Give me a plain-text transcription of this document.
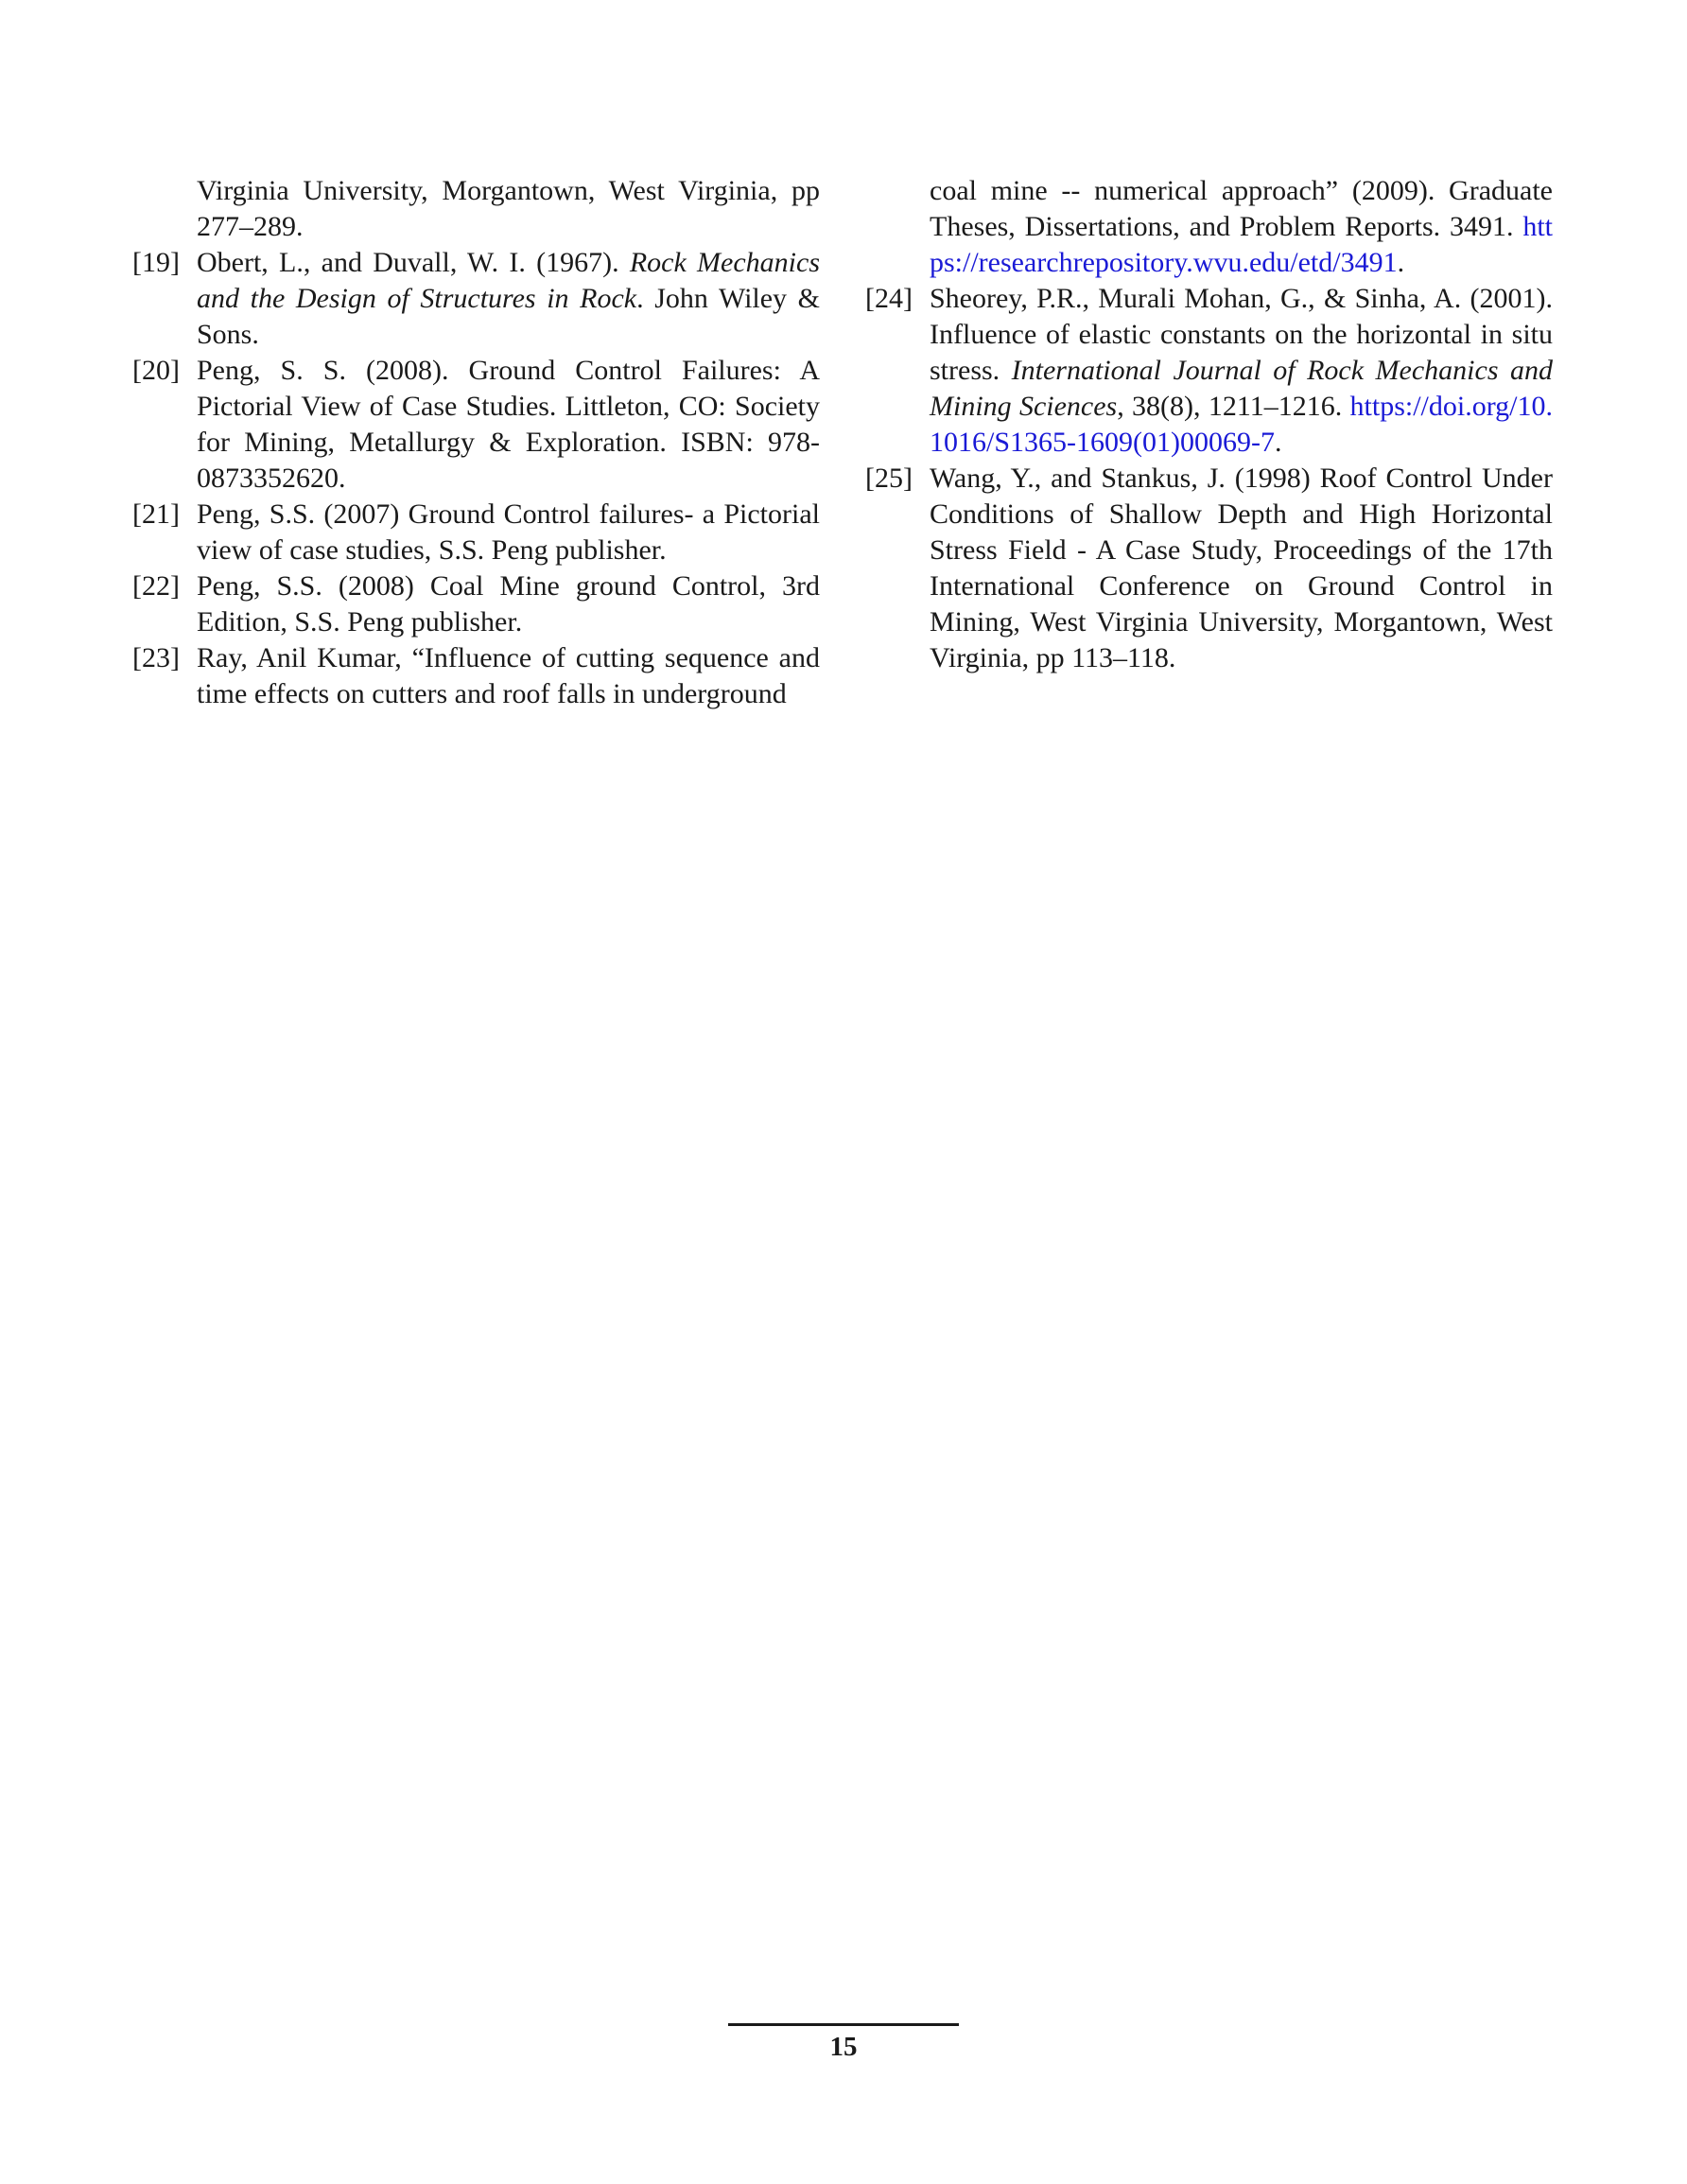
Virginia University, Morgantown, West Virginia, pp 277–289.

[19] Obert, L., and Duvall, W. I. (1967). Rock Mechanics and the Design of Structures in Rock. John Wiley & Sons.

[20] Peng, S. S. (2008). Ground Control Failures: A Pictorial View of Case Studies. Littleton, CO: Society for Mining, Metallurgy & Exploration. ISBN: 978-0873352620.

[21] Peng, S.S. (2007) Ground Control failures- a Pictorial view of case studies, S.S. Peng publisher.

[22] Peng, S.S. (2008) Coal Mine ground Control, 3rd Edition, S.S. Peng publisher.

[23] Ray, Anil Kumar, “Influence of cutting sequence and time effects on cutters and roof falls in underground

coal mine -- numerical approach” (2009). Graduate Theses, Dissertations, and Problem Reports. 3491. https://researchrepository.wvu.edu/etd/3491.

[24] Sheorey, P.R., Murali Mohan, G., & Sinha, A. (2001). Influence of elastic constants on the horizontal in situ stress. International Journal of Rock Mechanics and Mining Sciences, 38(8), 1211–1216. https://doi.org/10.1016/S1365-1609(01)00069-7.

[25] Wang, Y., and Stankus, J. (1998) Roof Control Under Conditions of Shallow Depth and High Horizontal Stress Field - A Case Study, Proceedings of the 17th International Conference on Ground Control in Mining, West Virginia University, Morgantown, West Virginia, pp 113–118.

15
